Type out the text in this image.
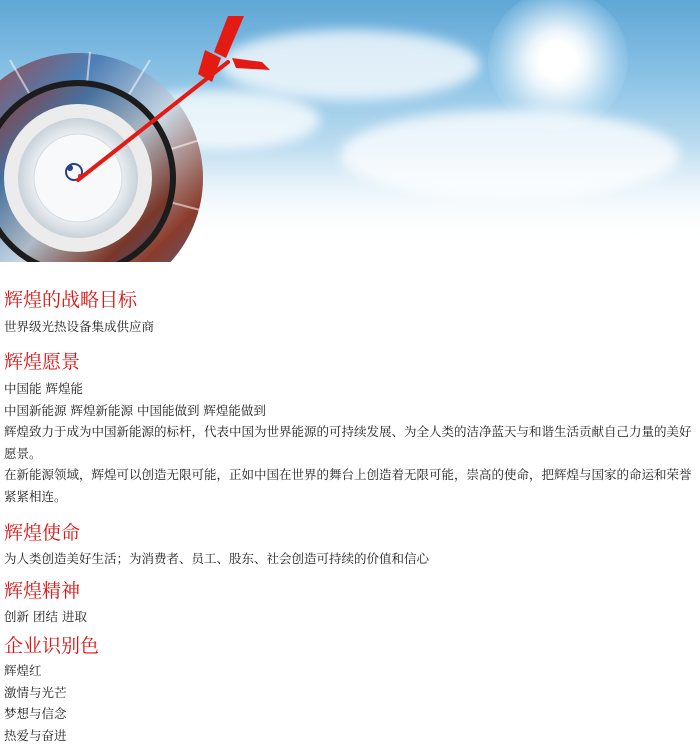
辉煌的战略目标
世界级光热设备集成供应商
辉煌愿景
中国能 辉煌能
中国新能源 辉煌新能源 中国能做到 辉煌能做到
辉煌致力于成为中国新能源的标杆，代表中国为世界能源的可持续发展、为全人类的洁净蓝天与和谐生活贡献自己力量的美好愿景。
在新能源领域，辉煌可以创造无限可能，正如中国在世界的舞台上创造着无限可能，崇高的使命，把辉煌与国家的命运和荣誉紧紧相连。
辉煌使命
为人类创造美好生活；为消费者、员工、股东、社会创造可持续的价值和信心
辉煌精神
创新 团结 进取
企业识别色
辉煌红
激情与光芒
梦想与信念
热爱与奋进
